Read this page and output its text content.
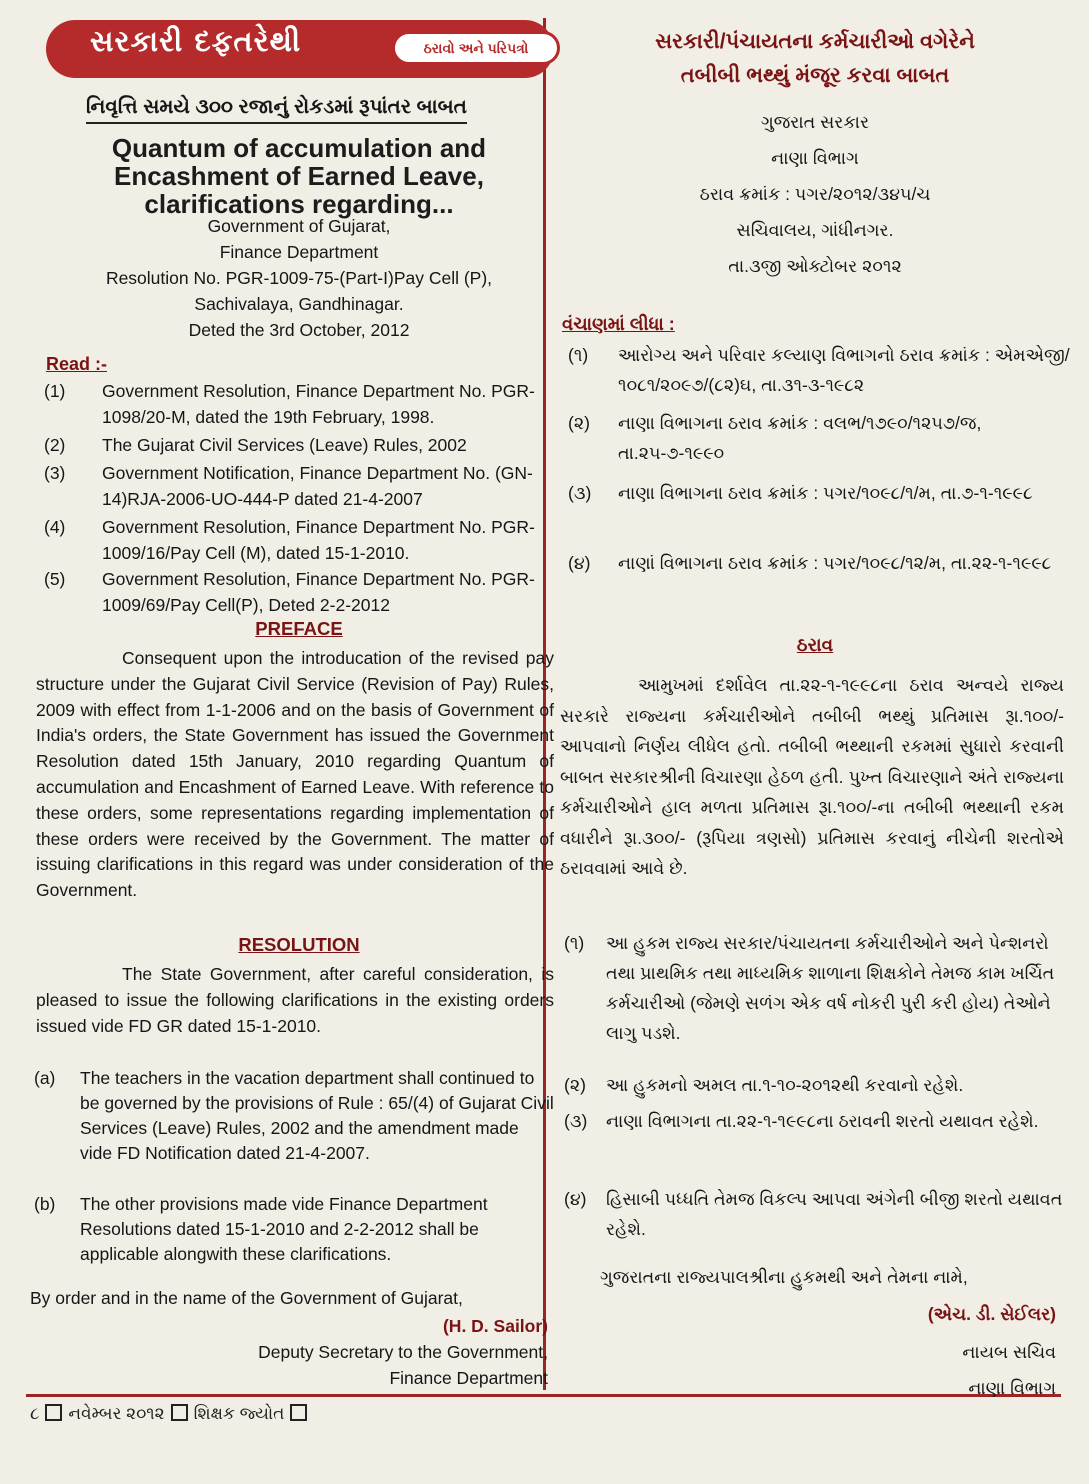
સરકારી દફતરેથી	ઠરાવો અને પરિપત્રો
નિવૃત્તિ સમયે ૩૦૦ રજાનું રોકડમાં રૂપાંતર બાબત
Quantum of accumulation and
Encashment of Earned Leave,
clarifications regarding...
Government of Gujarat,
Finance Department
Resolution No. PGR-1009-75-(Part-I)Pay Cell (P),
Sachivalaya, Gandhinagar.
Deted the 3rd October, 2012
Read :-
(1)	Government Resolution, Finance Department No. PGR-1098/20-M, dated the 19th February, 1998.
(2)	The Gujarat Civil Services (Leave) Rules, 2002
(3)	Government Notification, Finance Department No. (GN-14)RJA-2006-UO-444-P dated 21-4-2007
(4)	Government Resolution, Finance Department No. PGR-1009/16/Pay Cell (M), dated 15-1-2010.
(5)	Government Resolution, Finance Department No. PGR-1009/69/Pay Cell(P), Deted 2-2-2012
PREFACE
Consequent upon the introducation of the revised pay structure under the Gujarat Civil Service (Revision of Pay) Rules, 2009 with effect from 1-1-2006 and on the basis of Government of India's orders, the State Government has issued the Government Resolution dated 15th January, 2010 regarding Quantum of accumulation and Encashment of Earned Leave. With reference to these orders, some representations regarding implementation of these orders were received by the Government. The matter of issuing clarifications in this regard was under consideration of the Government.
RESOLUTION
The State Government, after careful consideration, is pleased to issue the following clarifications in the existing orders issued vide FD GR dated 15-1-2010.
(a) The teachers in the vacation department shall continued to be governed by the provisions of Rule : 65/(4) of Gujarat Civil Services (Leave) Rules, 2002 and the amendment made vide FD Notification dated 21-4-2007.
(b) The other provisions made vide Finance Department Resolutions dated 15-1-2010 and 2-2-2012 shall be applicable alongwith these clarifications.
By order and in the name of the Government of Gujarat,
(H. D. Sailor)
Deputy Secretary to the Government,
Finance Department
સરકારી/પંચાયતના કર્મચારીઓ વગેરેને
તબીબી ભથ્થું મંજૂર કરવા બાબત
ગુજરાત સરકાર
નાણા વિભાગ
ઠરાવ ક્રમાંક : પગર/૨૦૧૨/૩૪૫/ચ
સચિવાલય, ગાંધીનગર.
તા.૩જી ઓક્ટોબર ૨૦૧૨
વંચાણમાં લીધા :
(૧) આરોગ્ય અને પરિવાર કલ્યાણ વિભાગનો ઠરાવ ક્રમાંક : એમએજી/૧૦૮૧/૨૦૯૭/(૮૨)ઘ, તા.૩૧-૩-૧૯૮૨
(૨) નાણા વિભાગના ઠરાવ ક્રમાંક : વલભ/૧૭૯૦/૧૨૫૭/જ, તા.૨૫-૭-૧૯૯૦
(૩) નાણા વિભાગના ઠરાવ ક્રમાંક : પગર/૧૦૯૮/૧/મ, તા.૭-૧-૧૯૯૮
(૪) નાણાં વિભાગના ઠરાવ ક્રમાંક : પગર/૧૦૯૮/૧૨/મ, તા.૨૨-૧-૧૯૯૮
ઠરાવ
આમુખમાં દર્શાવેલ તા.૨૨-૧-૧૯૯૮ના ઠરાવ અન્વયે રાજ્ય સરકારે રાજ્યના કર્મચારીઓને તબીબી ભથ્થું પ્રતિમાસ રૂા.૧૦૦/- આપવાનો નિર્ણય લીધેલ હતો. તબીબી ભથ્થાની રકમમાં સુધારો કરવાની બાબત સરકારશ્રીની વિચારણા હેઠળ હતી. પુખ્ત વિચારણાને અંતે રાજ્યના કર્મચારીઓને હાલ મળતા પ્રતિમાસ રૂા.૧૦૦/-ના તબીબી ભથ્થાની રકમ વધારીને રૂા.૩૦૦/- (રૂપિયા ત્રણસો) પ્રતિમાસ કરવાનું નીચેની શરતોએ ઠરાવવામાં આવે છે.
(૧) આ હુકમ રાજ્ય સરકાર/પંચાયતના કર્મચારીઓને અને પેન્શનરો તથા પ્રાથમિક તથા માધ્યમિક શાળાના શિક્ષકોને તેમજ કામ ખર્ચિત કર્મચારીઓ (જેમણે સળંગ એક વર્ષ નોકરી પુરી કરી હોય) તેઓને લાગુ પડશે.
(૨) આ હુકમનો અમલ તા.૧-૧૦-૨૦૧૨થી કરવાનો રહેશે.
(૩) નાણા વિભાગના તા.૨૨-૧-૧૯૯૮ના ઠરાવની શરતો યથાવત રહેશે.
(૪) હિસાબી પધ્ધતિ તેમજ વિકલ્પ આપવા અંગેની બીજી શરતો યથાવત રહેશે.
ગુજરાતના રાજ્યપાલશ્રીના હુકમથી અને તેમના નામે,
(એચ. ડી. સેઈલર)
નાયબ સચિવ
નાણા વિભાગ
૮ નવેમ્બર ૨૦૧૨ શિક્ષક જ્યોત
